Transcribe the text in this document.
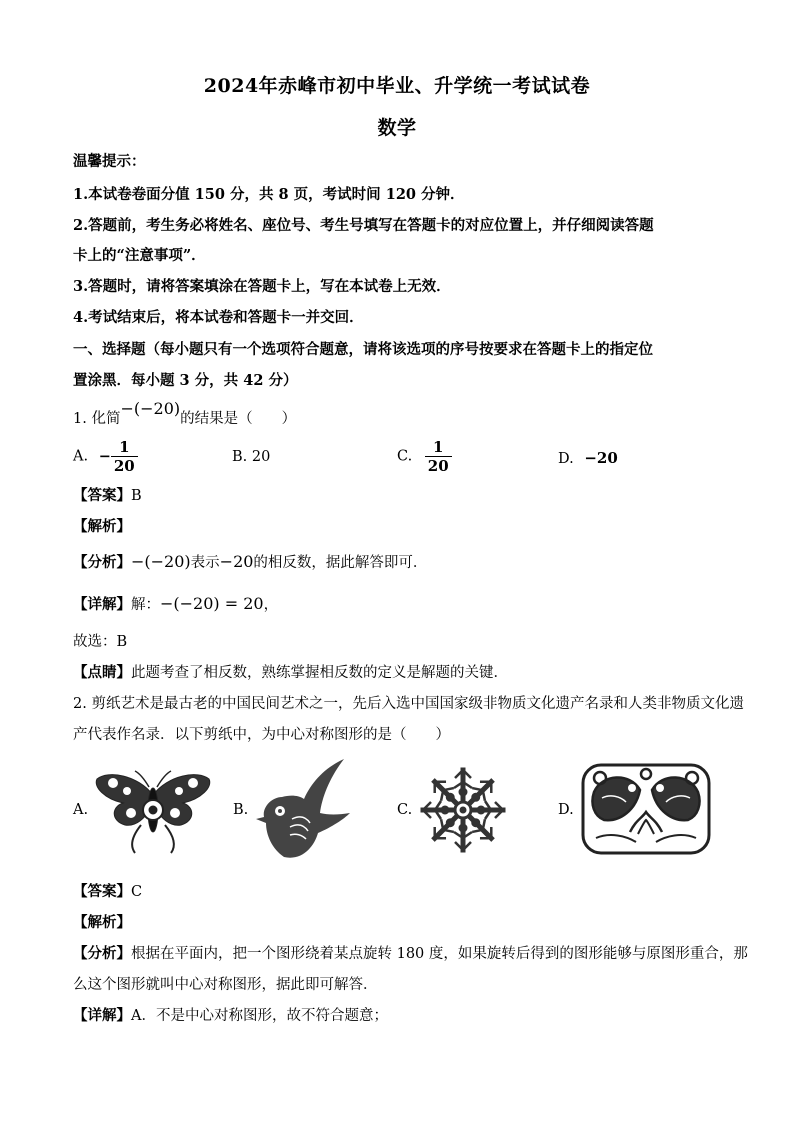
2024年赤峰市初中毕业、升学统一考试试卷
数学
温馨提示：
1.本试卷卷面分值 150 分，共 8 页，考试时间 120 分钟．
2.答题前，考生务必将姓名、座位号、考生号填写在答题卡的对应位置上，并仔细阅读答题
卡上的“注意事项”．
3.答题时，请将答案填涂在答题卡上，写在本试卷上无效．
4.考试结束后，将本试卷和答题卡一并交回．
一、选择题（每小题只有一个选项符合题意，请将该选项的序号按要求在答题卡上的指定位
置涂黑．每小题 3 分，共 42 分）
1. 化简−(−20)的结果是（　　）
A. − $\frac{1}{20}$	B. 20	C. $\frac{1}{20}$	D. −20
【答案】B
【解析】
【分析】−(−20)表示−20的相反数，据此解答即可．
【详解】解：−(−20) = 20，
故选：B
【点睛】此题考查了相反数，熟练掌握相反数的定义是解题的关键．
2. 剪纸艺术是最古老的中国民间艺术之一，先后入选中国国家级非物质文化遗产名录和人类非物质文化遗
产代表作名录．以下剪纸中，为中心对称图形的是（　　）
A.	B.	C.	D.
【答案】C
【解析】
【分析】根据在平面内，把一个图形绕着某点旋转 180 度，如果旋转后得到的图形能够与原图形重合，那
么这个图形就叫中心对称图形，据此即可解答．
【详解】A．不是中心对称图形，故不符合题意；
